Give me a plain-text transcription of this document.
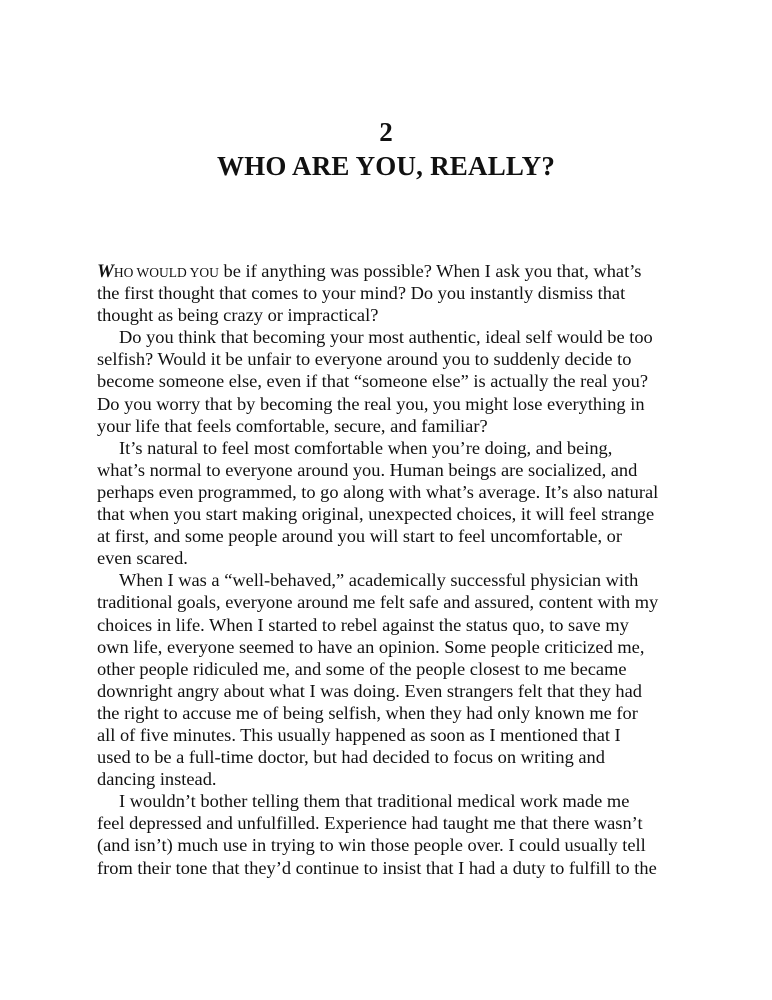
2
WHO ARE YOU, REALLY?
WHO WOULD YOU be if anything was possible? When I ask you that, what’s
the first thought that comes to your mind? Do you instantly dismiss that
thought as being crazy or impractical?
Do you think that becoming your most authentic, ideal self would be too
selfish? Would it be unfair to everyone around you to suddenly decide to
become someone else, even if that “someone else” is actually the real you?
Do you worry that by becoming the real you, you might lose everything in
your life that feels comfortable, secure, and familiar?
It’s natural to feel most comfortable when you’re doing, and being,
what’s normal to everyone around you. Human beings are socialized, and
perhaps even programmed, to go along with what’s average. It’s also natural
that when you start making original, unexpected choices, it will feel strange
at first, and some people around you will start to feel uncomfortable, or
even scared.
When I was a “well-behaved,” academically successful physician with
traditional goals, everyone around me felt safe and assured, content with my
choices in life. When I started to rebel against the status quo, to save my
own life, everyone seemed to have an opinion. Some people criticized me,
other people ridiculed me, and some of the people closest to me became
downright angry about what I was doing. Even strangers felt that they had
the right to accuse me of being selfish, when they had only known me for
all of five minutes. This usually happened as soon as I mentioned that I
used to be a full-time doctor, but had decided to focus on writing and
dancing instead.
I wouldn’t bother telling them that traditional medical work made me
feel depressed and unfulfilled. Experience had taught me that there wasn’t
(and isn’t) much use in trying to win those people over. I could usually tell
from their tone that they’d continue to insist that I had a duty to fulfill to the
